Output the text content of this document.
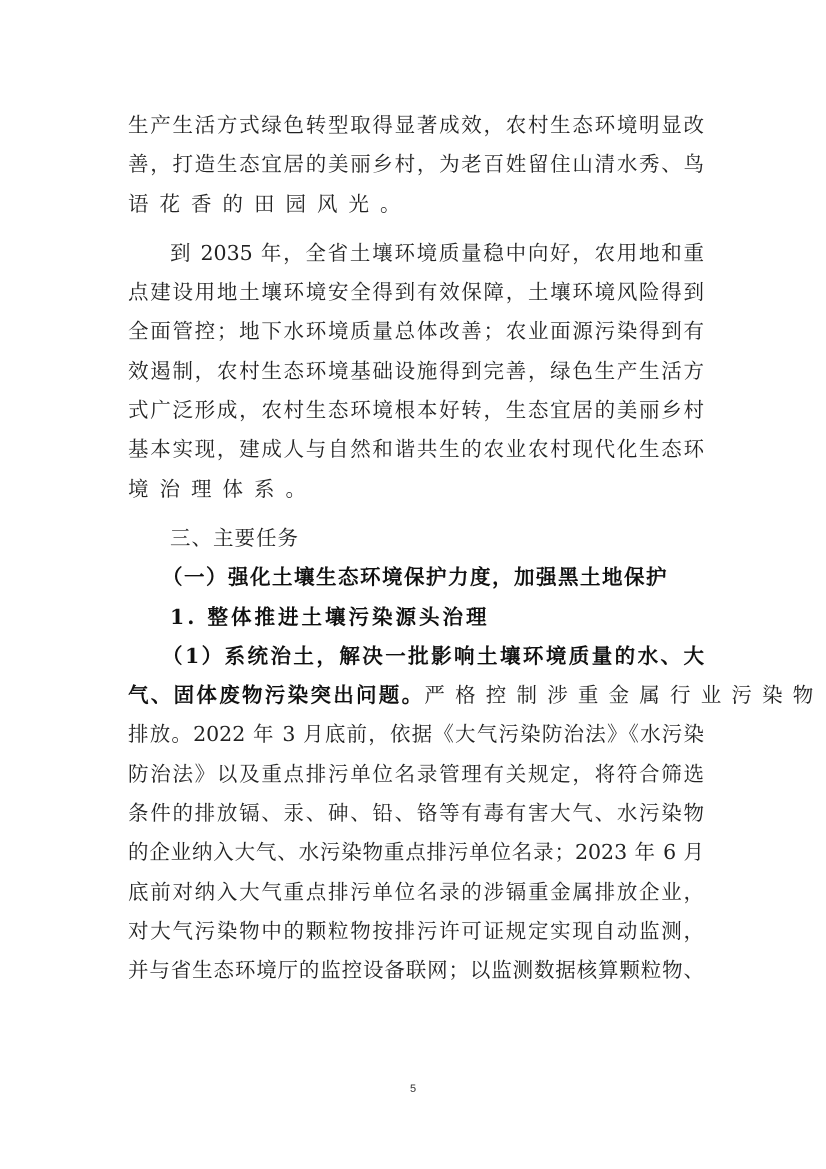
生产生活方式绿色转型取得显著成效，农村生态环境明显改
善，打造生态宜居的美丽乡村，为老百姓留住山清水秀、鸟
语花香的田园风光。
到 2035 年，全省土壤环境质量稳中向好，农用地和重
点建设用地土壤环境安全得到有效保障，土壤环境风险得到
全面管控；地下水环境质量总体改善；农业面源污染得到有
效遏制，农村生态环境基础设施得到完善，绿色生产生活方
式广泛形成，农村生态环境根本好转，生态宜居的美丽乡村
基本实现，建成人与自然和谐共生的农业农村现代化生态环
境治理体系。
三、主要任务
（一）强化土壤生态环境保护力度，加强黑土地保护
1. 整体推进土壤污染源头治理
（1）系统治土，解决一批影响土壤环境质量的水、大
气、固体废物污染突出问题。 严格控制涉重金属行业污染物
排放。2022 年 3 月底前，依据《大气污染防治法》《水污染
防治法》以及重点排污单位名录管理有关规定，将符合筛选
条件的排放镉、汞、砷、铅、铬等有毒有害大气、水污染物
的企业纳入大气、水污染物重点排污单位名录；2023 年 6 月
底前对纳入大气重点排污单位名录的涉镉重金属排放企业，
对大气污染物中的颗粒物按排污许可证规定实现自动监测，
并与省生态环境厅的监控设备联网；以监测数据核算颗粒物、
5
